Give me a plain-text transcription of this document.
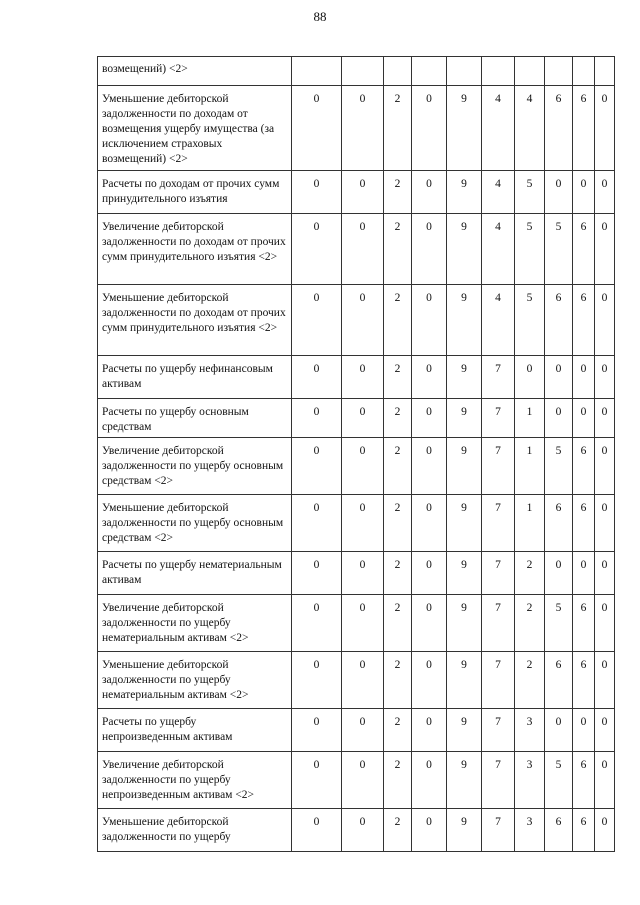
88
возмещений) <2>										
Уменьшение дебиторской задолженности по доходам от возмещения ущербу имущества (за исключением страховых возмещений) <2>	0	0	2	0	9	4	4	6	6	0
Расчеты по доходам от прочих сумм принудительного изъятия	0	0	2	0	9	4	5	0	0	0
Увеличение дебиторской задолженности по доходам от прочих сумм принудительного изъятия <2>	0	0	2	0	9	4	5	5	6	0
Уменьшение дебиторской задолженности по доходам от прочих сумм принудительного изъятия <2>	0	0	2	0	9	4	5	6	6	0
Расчеты по ущербу нефинансовым активам	0	0	2	0	9	7	0	0	0	0
Расчеты по ущербу основным средствам	0	0	2	0	9	7	1	0	0	0
Увеличение дебиторской задолженности по ущербу основным средствам <2>	0	0	2	0	9	7	1	5	6	0
Уменьшение дебиторской задолженности по ущербу основным средствам <2>	0	0	2	0	9	7	1	6	6	0
Расчеты по ущербу нематериальным активам	0	0	2	0	9	7	2	0	0	0
Увеличение дебиторской задолженности по ущербу нематериальным активам <2>	0	0	2	0	9	7	2	5	6	0
Уменьшение дебиторской задолженности по ущербу нематериальным активам <2>	0	0	2	0	9	7	2	6	6	0
Расчеты по ущербу непроизведенным активам	0	0	2	0	9	7	3	0	0	0
Увеличение дебиторской задолженности по ущербу непроизведенным активам <2>	0	0	2	0	9	7	3	5	6	0
Уменьшение дебиторской задолженности по ущербу	0	0	2	0	9	7	3	6	6	0
